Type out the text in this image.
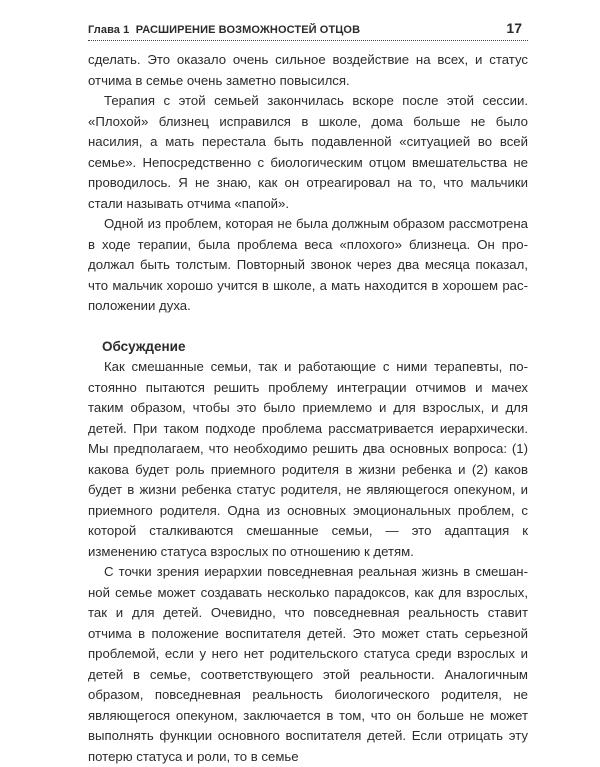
Глава 1 РАСШИРЕНИЕ ВОЗМОЖНОСТЕЙ ОТЦОВ	17

сделать. Это оказало очень сильное воздействие на всех, и статус отчима в семье очень заметно повысился.

Терапия с этой семьей закончилась вскоре после этой сессии. «Плохой» близнец исправился в школе, дома больше не было насилия, а мать перестала быть подавленной «ситуацией во всей семье». Непосредственно с биологическим отцом вмешательства не проводилось. Я не знаю, как он отреагировал на то, что мальчики стали называть отчима «папой».

Одной из проблем, которая не была должным образом рассмотрена в ходе терапии, была проблема веса «плохого» близнеца. Он продолжал быть толстым. Повторный звонок через два месяца показал, что мальчик хорошо учится в школе, а мать находится в хорошем расположении духа.

Обсуждение

Как смешанные семьи, так и работающие с ними терапевты, постоянно пытаются решить проблему интеграции отчимов и мачех таким образом, чтобы это было приемлемо и для взрослых, и для детей. При таком подходе проблема рассматривается иерархически. Мы предполагаем, что необходимо решить два основных вопроса: (1) какова будет роль приемного родителя в жизни ребенка и (2) каков будет в жизни ребенка статус родителя, не являющегося опекуном, и приемного родителя. Одна из основных эмоциональных проблем, с которой сталкиваются смешанные семьи, — это адаптация к изменению статуса взрослых по отношению к детям.

С точки зрения иерархии повседневная реальная жизнь в смешанной семье может создавать несколько парадоксов, как для взрослых, так и для детей. Очевидно, что повседневная реальность ставит отчима в положение воспитателя детей. Это может стать серьезной проблемой, если у него нет родительского статуса среди взрослых и детей в семье, соответствующего этой реальности. Аналогичным образом, повседневная реальность биологического родителя, не являющегося опекуном, заключается в том, что он больше не может выполнять функции основного воспитателя детей. Если отрицать эту потерю статуса и роли, то в семье
